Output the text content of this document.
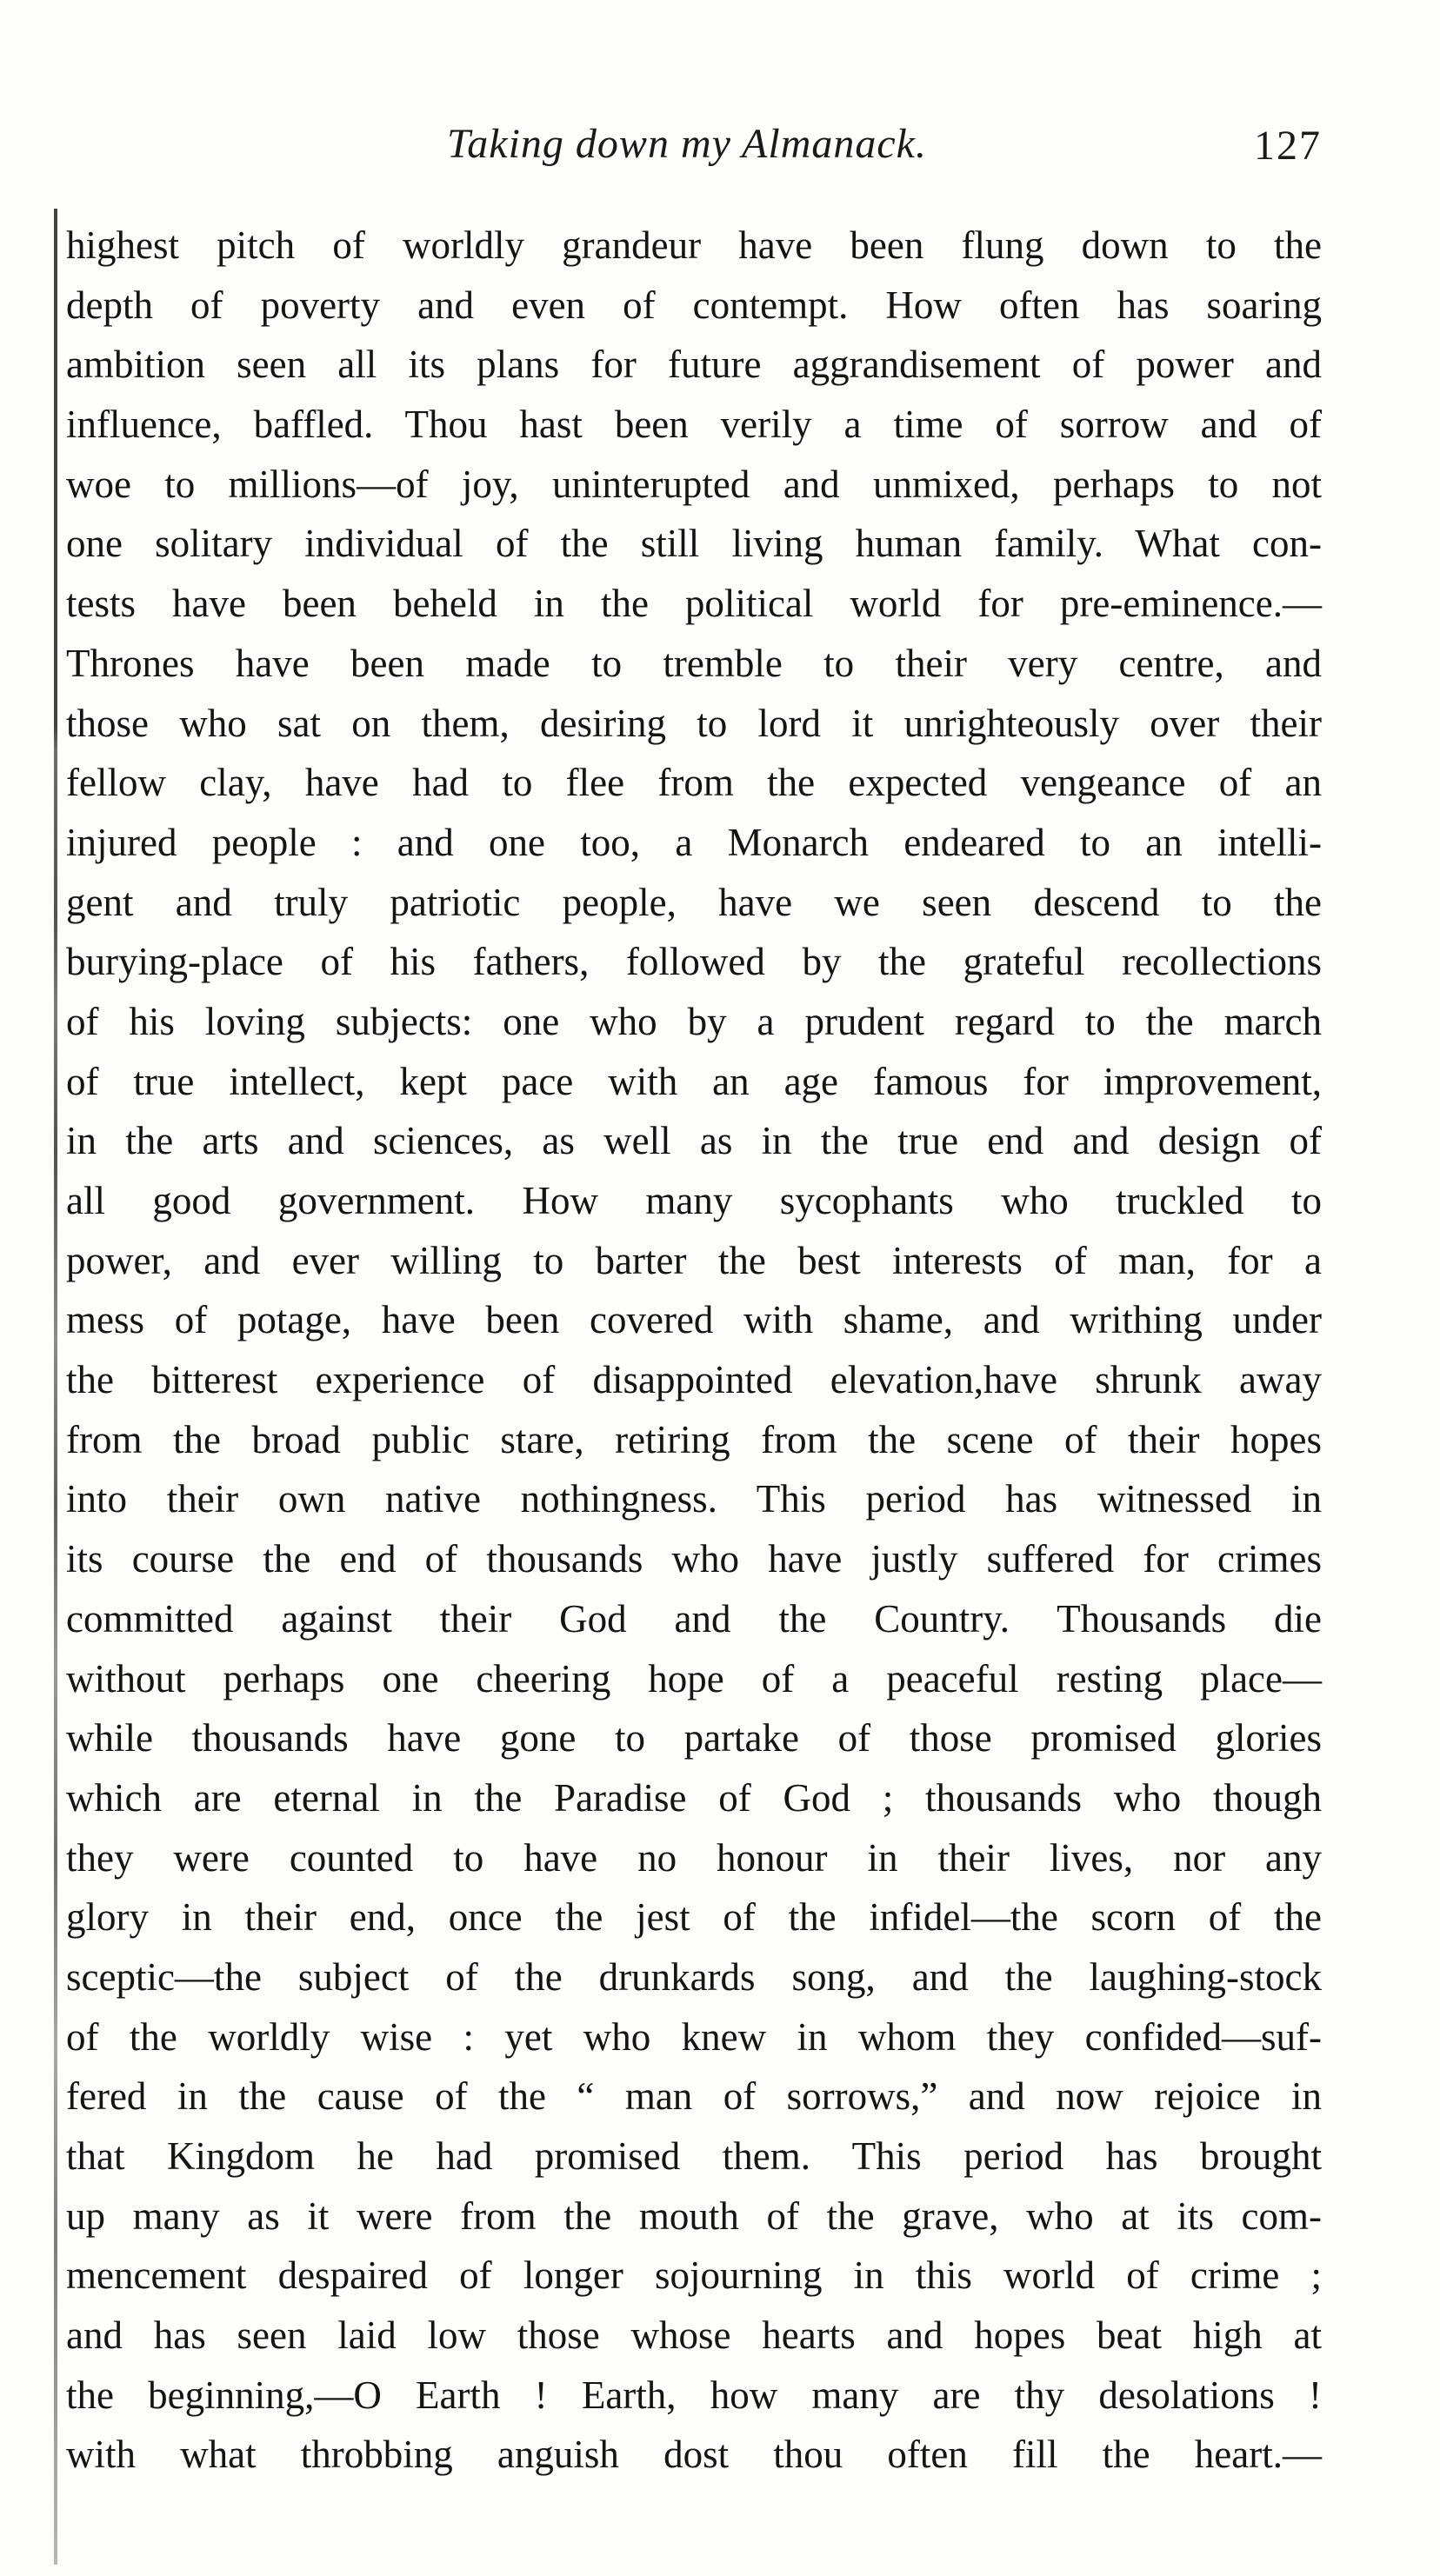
Taking down my Almanack.	127
highest pitch of worldly grandeur have been flung down to the
depth of poverty and even of contempt. How often has soaring
ambition seen all its plans for future aggrandisement of power and
influence, baffled. Thou hast been verily a time of sorrow and of
woe to millions—of joy, uninterupted and unmixed, perhaps to not
one solitary individual of the still living human family. What con-
tests have been beheld in the political world for pre-eminence.—
Thrones have been made to tremble to their very centre, and
those who sat on them, desiring to lord it unrighteously over their
fellow clay, have had to flee from the expected vengeance of an
injured people : and one too, a Monarch endeared to an intelli-
gent and truly patriotic people, have we seen descend to the
burying-place of his fathers, followed by the grateful recollections
of his loving subjects: one who by a prudent regard to the march
of true intellect, kept pace with an age famous for improvement,
in the arts and sciences, as well as in the true end and design of
all good government. How many sycophants who truckled to
power, and ever willing to barter the best interests of man, for a
mess of potage, have been covered with shame, and writhing under
the bitterest experience of disappointed elevation,have shrunk away
from the broad public stare, retiring from the scene of their hopes
into their own native nothingness. This period has witnessed in
its course the end of thousands who have justly suffered for crimes
committed against their God and the Country. Thousands die
without perhaps one cheering hope of a peaceful resting place—
while thousands have gone to partake of those promised glories
which are eternal in the Paradise of God ; thousands who though
they were counted to have no honour in their lives, nor any
glory in their end, once the jest of the infidel—the scorn of the
sceptic—the subject of the drunkards song, and the laughing-stock
of the worldly wise : yet who knew in whom they confided—suf-
fered in the cause of the “ man of sorrows,” and now rejoice in
that Kingdom he had promised them. This period has brought
up many as it were from the mouth of the grave, who at its com-
mencement despaired of longer sojourning in this world of crime ;
and has seen laid low those whose hearts and hopes beat high at
the beginning,—O Earth ! Earth, how many are thy desolations !
with what throbbing anguish dost thou often fill the heart.—
